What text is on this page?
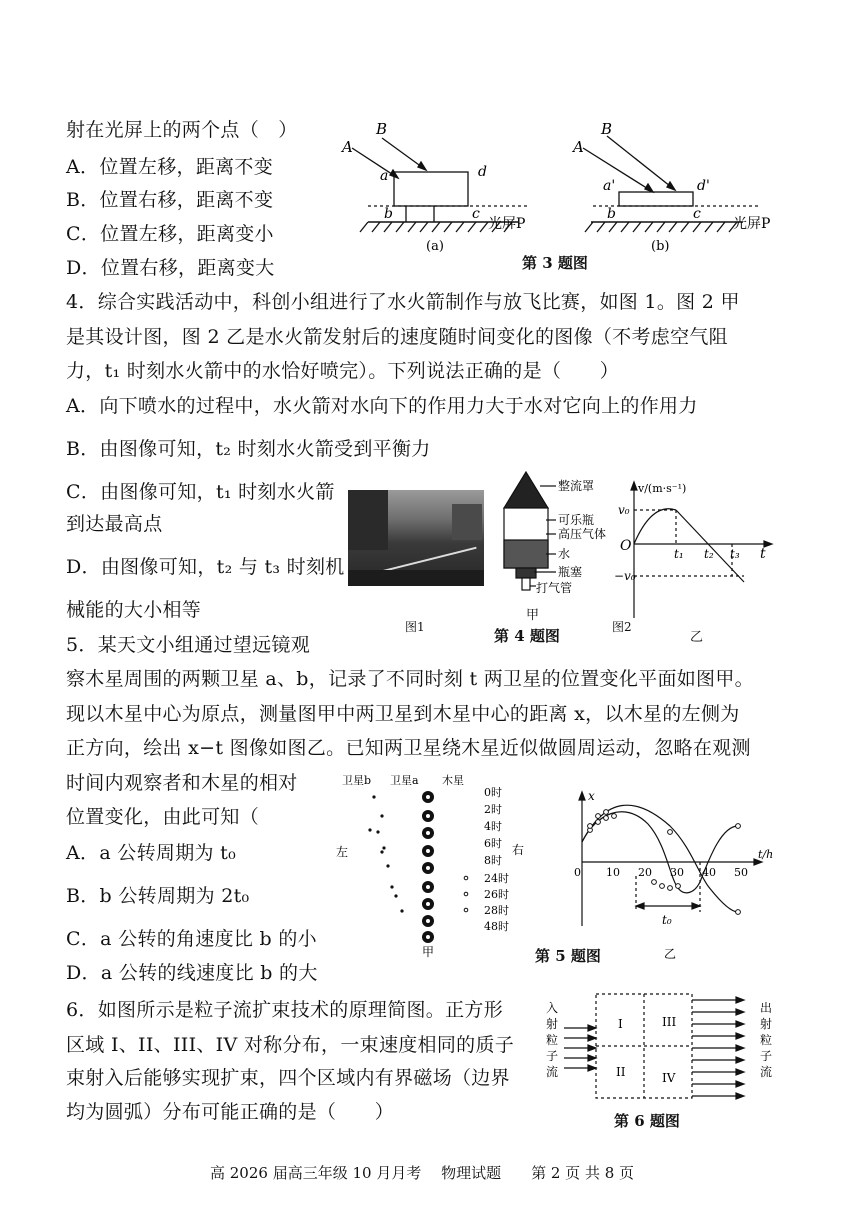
射在光屏上的两个点（　）
A．位置左移，距离不变
B．位置右移，距离不变
C．位置左移，距离变小
D．位置右移，距离变大
A
B
a	d
b	c
光屏P
(a)
A
B
a'	d'
b	c
光屏P
(b)
第 3 题图
4．综合实践活动中，科创小组进行了水火箭制作与放飞比赛，如图 1。图 2 甲
是其设计图，图 2 乙是水火箭发射后的速度随时间变化的图像（不考虑空气阻
力，t₁ 时刻水火箭中的水恰好喷完）。下列说法正确的是（　　）
A．向下喷水的过程中，水火箭对水向下的作用力大于水对它向上的作用力
B．由图像可知，t₂ 时刻水火箭受到平衡力
C．由图像可知，t₁ 时刻水火箭
到达最高点
D．由图像可知，t₂ 与 t₃ 时刻机
械能的大小相等
图1
整流罩
可乐瓶
高压气体
水
瓶塞
打气管
甲
第 4 题图
v/(m·s⁻¹)
v₀
−v₀
O	t₁ t₂ t₃ t
图2
乙
5．某天文小组通过望远镜观
察木星周围的两颗卫星 a、b，记录了不同时刻 t 两卫星的位置变化平面如图甲。
现以木星中心为原点，测量图甲中两卫星到木星中心的距离 x，以木星的左侧为
正方向，绘出 x−t 图像如图乙。已知两卫星绕木星近似做圆周运动，忽略在观测
时间内观察者和木星的相对
位置变化，由此可知（
A．a 公转周期为 t₀
B．b 公转周期为 2t₀
C．a 公转的角速度比 b 的小
D．a 公转的线速度比 b 的大
卫星b 卫星a 木星
左	右
0时
2时
4时
6时
8时
24时
26时
28时
48时
甲	第 5 题图
x
t/h
0 10 20 30 40 50
t₀
乙
6．如图所示是粒子流扩束技术的原理简图。正方形
区域 I、II、III、IV 对称分布，一束速度相同的质子
束射入后能够实现扩束，四个区域内有界磁场（边界
均为圆弧）分布可能正确的是（　　）
入
射
粒
子
流
出
射
粒
子
流
I
II
III
IV
第 6 题图
高 2026 届高三年级 10 月月考　 物理试题　　第 2 页 共 8 页
